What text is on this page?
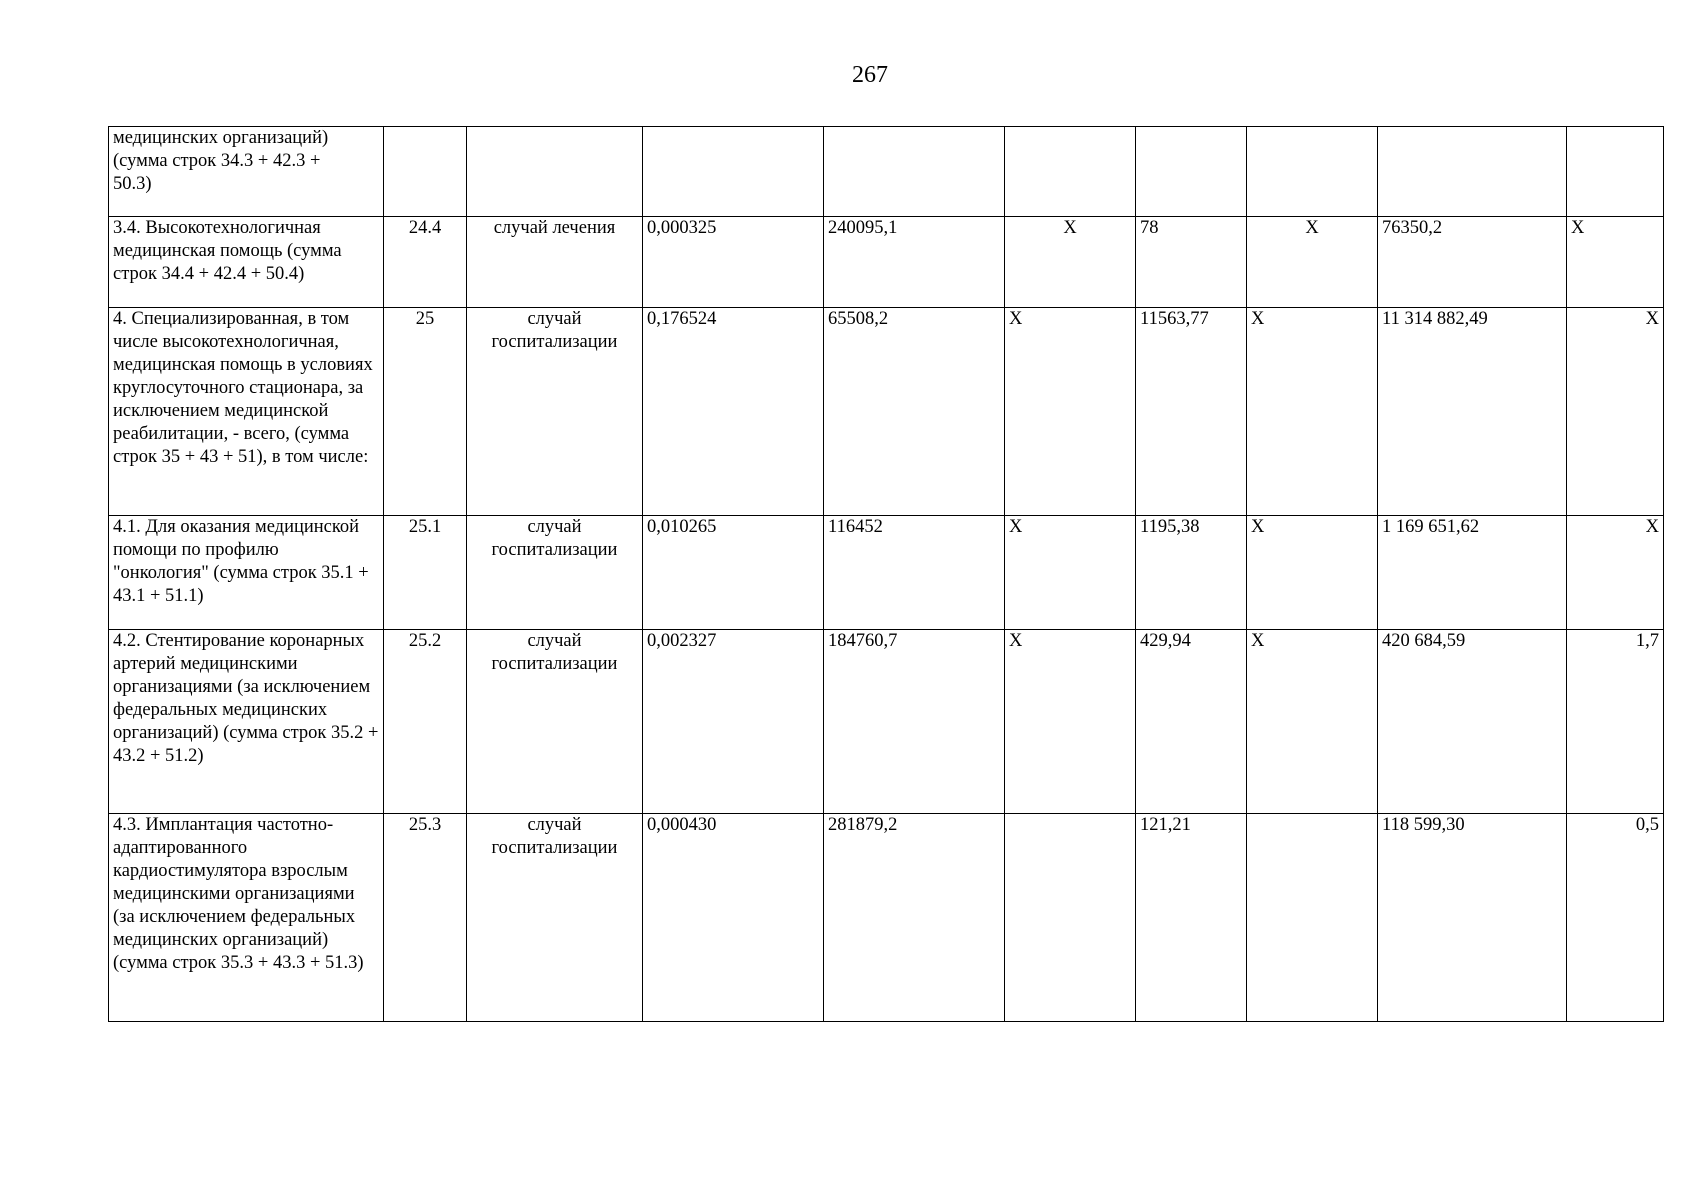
267
медицинских организаций)
(сумма строк 34.3 + 42.3 +
50.3)									
3.4. Высокотехнологичная медицинская помощь (сумма строк 34.4 + 42.4 + 50.4)	24.4	случай лечения	0,000325	240095,1	Х	78	Х	76350,2	Х
4. Специализированная, в том числе высокотехнологичная, медицинская помощь в условиях круглосуточного стационара, за исключением медицинской реабилитации, - всего, (сумма строк 35 + 43 + 51), в том числе:	25	случай госпитализации	0,176524	65508,2	Х	11563,77	Х	11 314 882,49	Х
4.1. Для оказания медицинской помощи по профилю "онкология" (сумма строк 35.1 + 43.1 + 51.1)	25.1	случай госпитализации	0,010265	116452	Х	1195,38	Х	1 169 651,62	Х
4.2. Стентирование коронарных артерий медицинскими организациями (за исключением федеральных медицинских организаций) (сумма строк 35.2 + 43.2 + 51.2)	25.2	случай госпитализации	0,002327	184760,7	Х	429,94	Х	420 684,59	1,7
4.3. Имплантация частотно-адаптированного кардиостимулятора взрослым медицинскими организациями (за исключением федеральных медицинских организаций) (сумма строк 35.3 + 43.3 + 51.3)	25.3	случай госпитализации	0,000430	281879,2		121,21		118 599,30	0,5
